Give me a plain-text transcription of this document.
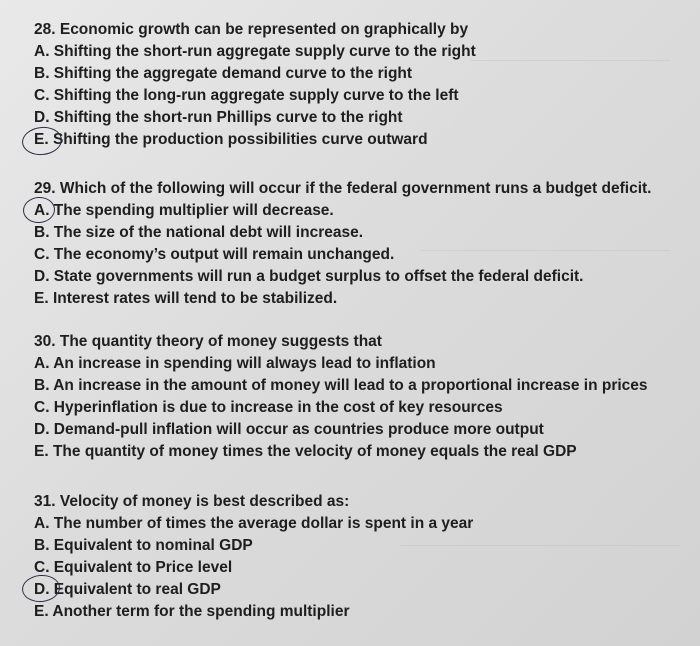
28. Economic growth can be represented on graphically by
A. Shifting the short-run aggregate supply curve to the right
B. Shifting the aggregate demand curve to the right
C. Shifting the long-run aggregate supply curve to the left
D. Shifting the short-run Phillips curve to the right
E. Shifting the production possibilities curve outward
29. Which of the following will occur if the federal government runs a budget deficit.
A. The spending multiplier will decrease.
B. The size of the national debt will increase.
C. The economy’s output will remain unchanged.
D. State governments will run a budget surplus to offset the federal deficit.
E. Interest rates will tend to be stabilized.
30. The quantity theory of money suggests that
A. An increase in spending will always lead to inflation
B. An increase in the amount of money will lead to a proportional increase in prices
C. Hyperinflation is due to increase in the cost of key resources
D. Demand-pull inflation will occur as countries produce more output
E. The quantity of money times the velocity of money equals the real GDP
31. Velocity of money is best described as:
A. The number of times the average dollar is spent in a year
B. Equivalent to nominal GDP
C. Equivalent to Price level
D. Equivalent to real GDP
E. Another term for the spending multiplier
